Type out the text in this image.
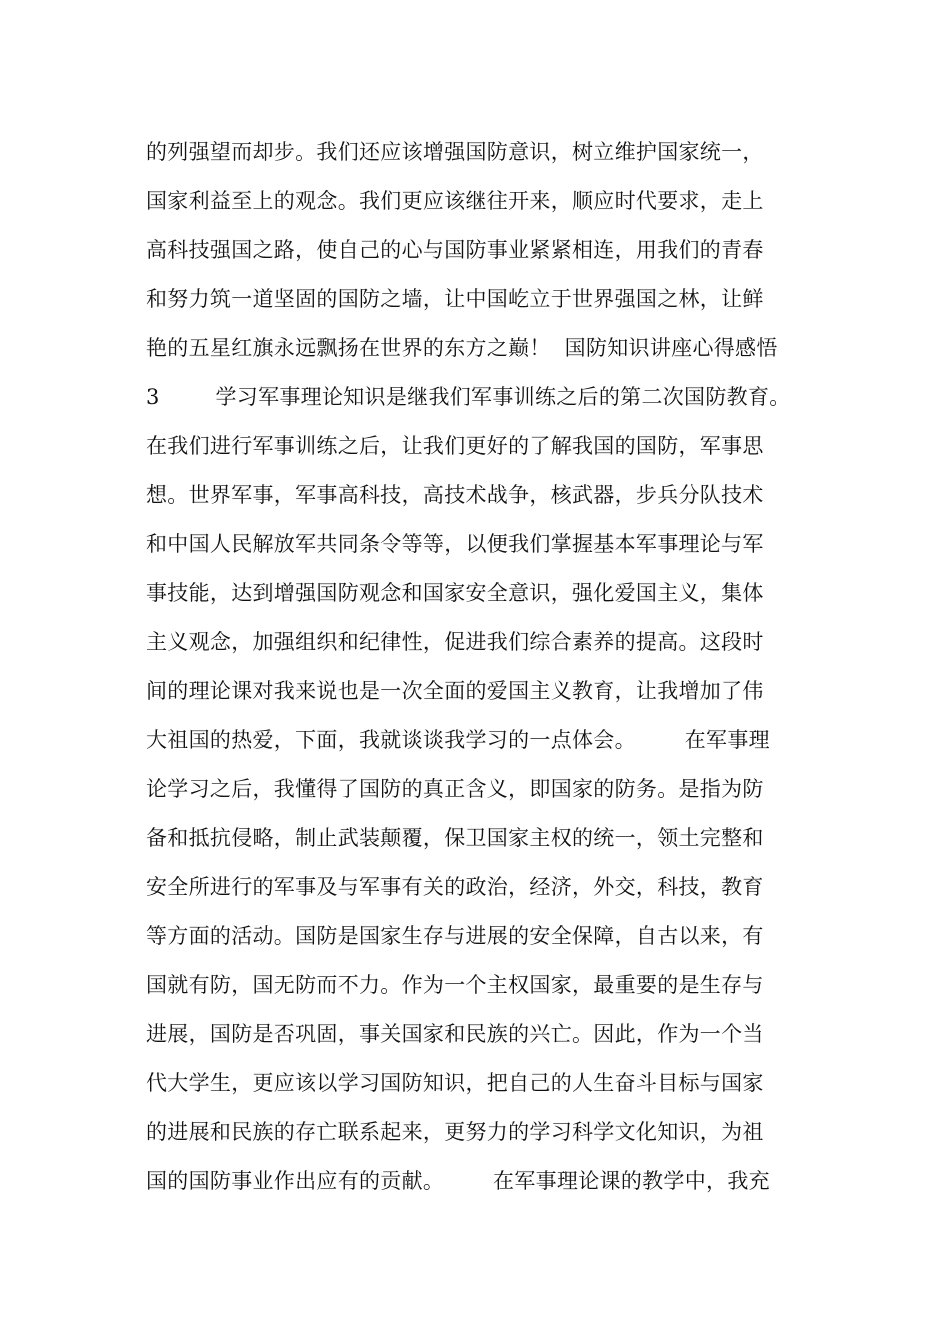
的列强望而却步。我们还应该增强国防意识，树立维护国家统一，
国家利益至上的观念。我们更应该继往开来，顺应时代要求，走上
高科技强国之路，使自己的心与国防事业紧紧相连，用我们的青春
和努力筑一道坚固的国防之墙，让中国屹立于世界强国之林，让鲜
艳的五星红旗永远飘扬在世界的东方之巅！  国防知识讲座心得感悟
3        学习军事理论知识是继我们军事训练之后的第二次国防教育。
在我们进行军事训练之后，让我们更好的了解我国的国防，军事思
想。世界军事，军事高科技，高技术战争，核武器，步兵分队技术
和中国人民解放军共同条令等等，以便我们掌握基本军事理论与军
事技能，达到增强国防观念和国家安全意识，强化爱国主义，集体
主义观念，加强组织和纪律性，促进我们综合素养的提高。这段时
间的理论课对我来说也是一次全面的爱国主义教育，让我增加了伟
大祖国的热爱，下面，我就谈谈我学习的一点体会。       在军事理
论学习之后，我懂得了国防的真正含义，即国家的防务。是指为防
备和抵抗侵略，制止武装颠覆，保卫国家主权的统一，领土完整和
安全所进行的军事及与军事有关的政治，经济，外交，科技，教育
等方面的活动。国防是国家生存与进展的安全保障，自古以来，有
国就有防，国无防而不力。作为一个主权国家，最重要的是生存与
进展，国防是否巩固，事关国家和民族的兴亡。因此，作为一个当
代大学生，更应该以学习国防知识，把自己的人生奋斗目标与国家
的进展和民族的存亡联系起来，更努力的学习科学文化知识，为祖
国的国防事业作出应有的贡献。       在军事理论课的教学中，我充
